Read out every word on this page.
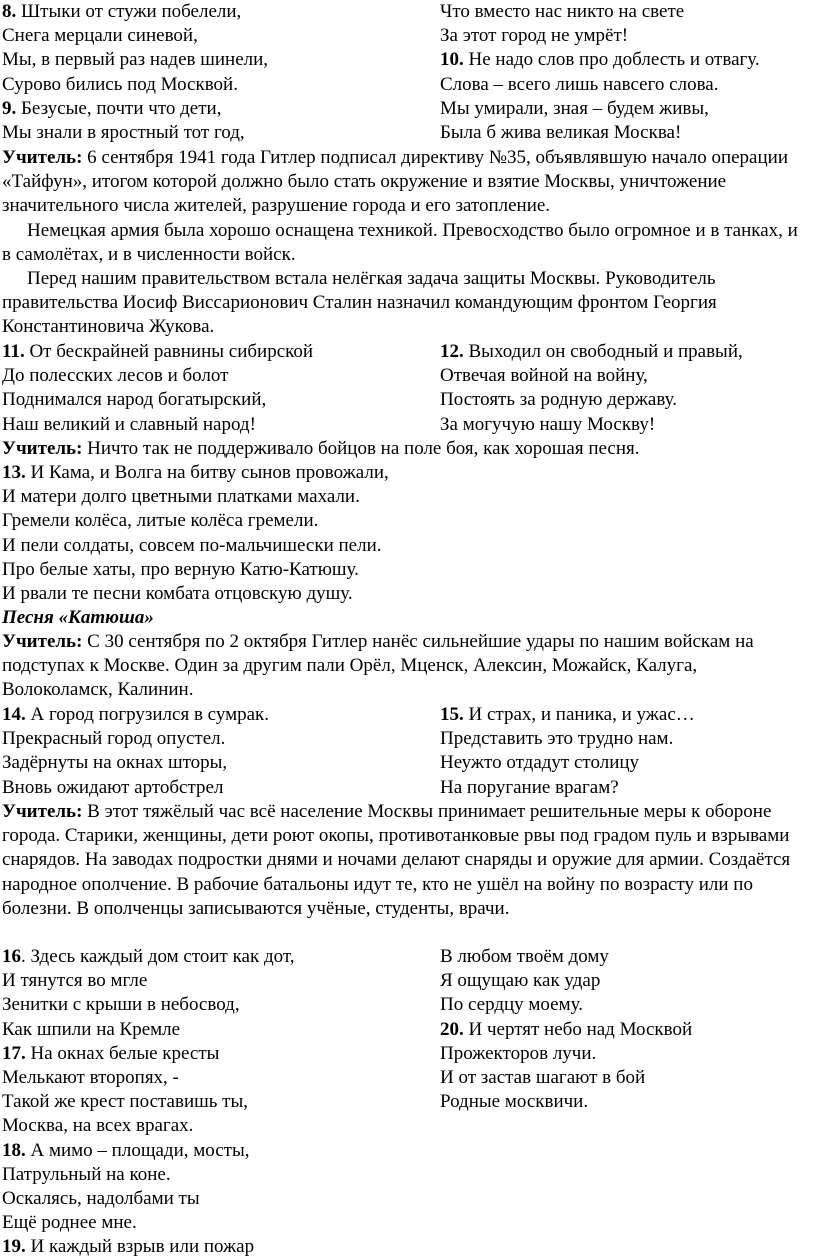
8. Штыки от стужи побелели,	Что вместо нас никто на свете
Снега мерцали синевой,	За этот город не умрёт!
Мы, в первый раз надев шинели,	10. Не надо слов про доблесть и отвагу.
Сурово бились под Москвой.	Слова – всего лишь навсего слова.
9. Безусые, почти что дети,	Мы умирали, зная – будем живы,
Мы знали в яростный тот год,	Была б жива великая Москва!
Учитель: 6 сентября 1941 года Гитлер подписал директиву №35, объявлявшую начало операции «Тайфун», итогом которой должно было стать окружение и взятие Москвы, уничтожение значительного числа жителей, разрушение города и его затопление.
Немецкая армия была хорошо оснащена техникой. Превосходство было огромное и в танках, и в самолётах, и в численности войск.
Перед нашим правительством встала нелёгкая задача защиты Москвы. Руководитель правительства Иосиф Виссарионович Сталин назначил командующим фронтом Георгия Константиновича Жукова.
11. От бескрайней равнины сибирской	12. Выходил он свободный и правый,
До полесских лесов и болот	Отвечая войной на войну,
Поднимался народ богатырский,	Постоять за родную державу.
Наш великий и славный народ!	За могучую нашу Москву!
Учитель: Ничто так не поддерживало бойцов на поле боя, как хорошая песня.
13. И Кама, и Волга на битву сынов провожали,
И матери долго цветными платками махали.
Гремели колёса, литые колёса гремели.
И пели солдаты, совсем по-мальчишески пели.
Про белые хаты, про верную Катю-Катюшу.
И рвали те песни комбата отцовскую душу.
Песня «Катюша»
Учитель: С 30 сентября по 2 октября Гитлер нанёс сильнейшие удары по нашим войскам на подступах к Москве. Один за другим пали Орёл, Мценск, Алексин, Можайск, Калуга, Волоколамск, Калинин.
14. А город погрузился в сумрак.	15. И страх, и паника, и ужас…
Прекрасный город опустел.	Представить это трудно нам.
Задёрнуты на окнах шторы,	Неужто отдадут столицу
Вновь ожидают артобстрел	На поругание врагам?
Учитель: В этот тяжёлый час всё население Москвы принимает решительные меры к обороне города. Старики, женщины, дети роют окопы, противотанковые рвы под градом пуль и взрывами снарядов. На заводах подростки днями и ночами делают снаряды и оружие для армии. Создаётся народное ополчение. В рабочие батальоны идут те, кто не ушёл на войну по возрасту или по болезни. В ополченцы записываются учёные, студенты, врачи.
16. Здесь каждый дом стоит как дот,	В любом твоём дому
И тянутся во мгле	Я ощущаю как удар
Зенитки с крыши в небосвод,	По сердцу моему.
Как шпили на Кремле	20. И чертят небо над Москвой
17. На окнах белые кресты	Прожекторов лучи.
Мелькают второпях, -	И от застав шагают в бой
Такой же крест поставишь ты,	Родные москвичи.
Москва, на всех врагах.
18. А мимо – площади, мосты,
Патрульный на коне.
Оскалясь, надолбами ты
Ещё роднее мне.
19. И каждый взрыв или пожар
